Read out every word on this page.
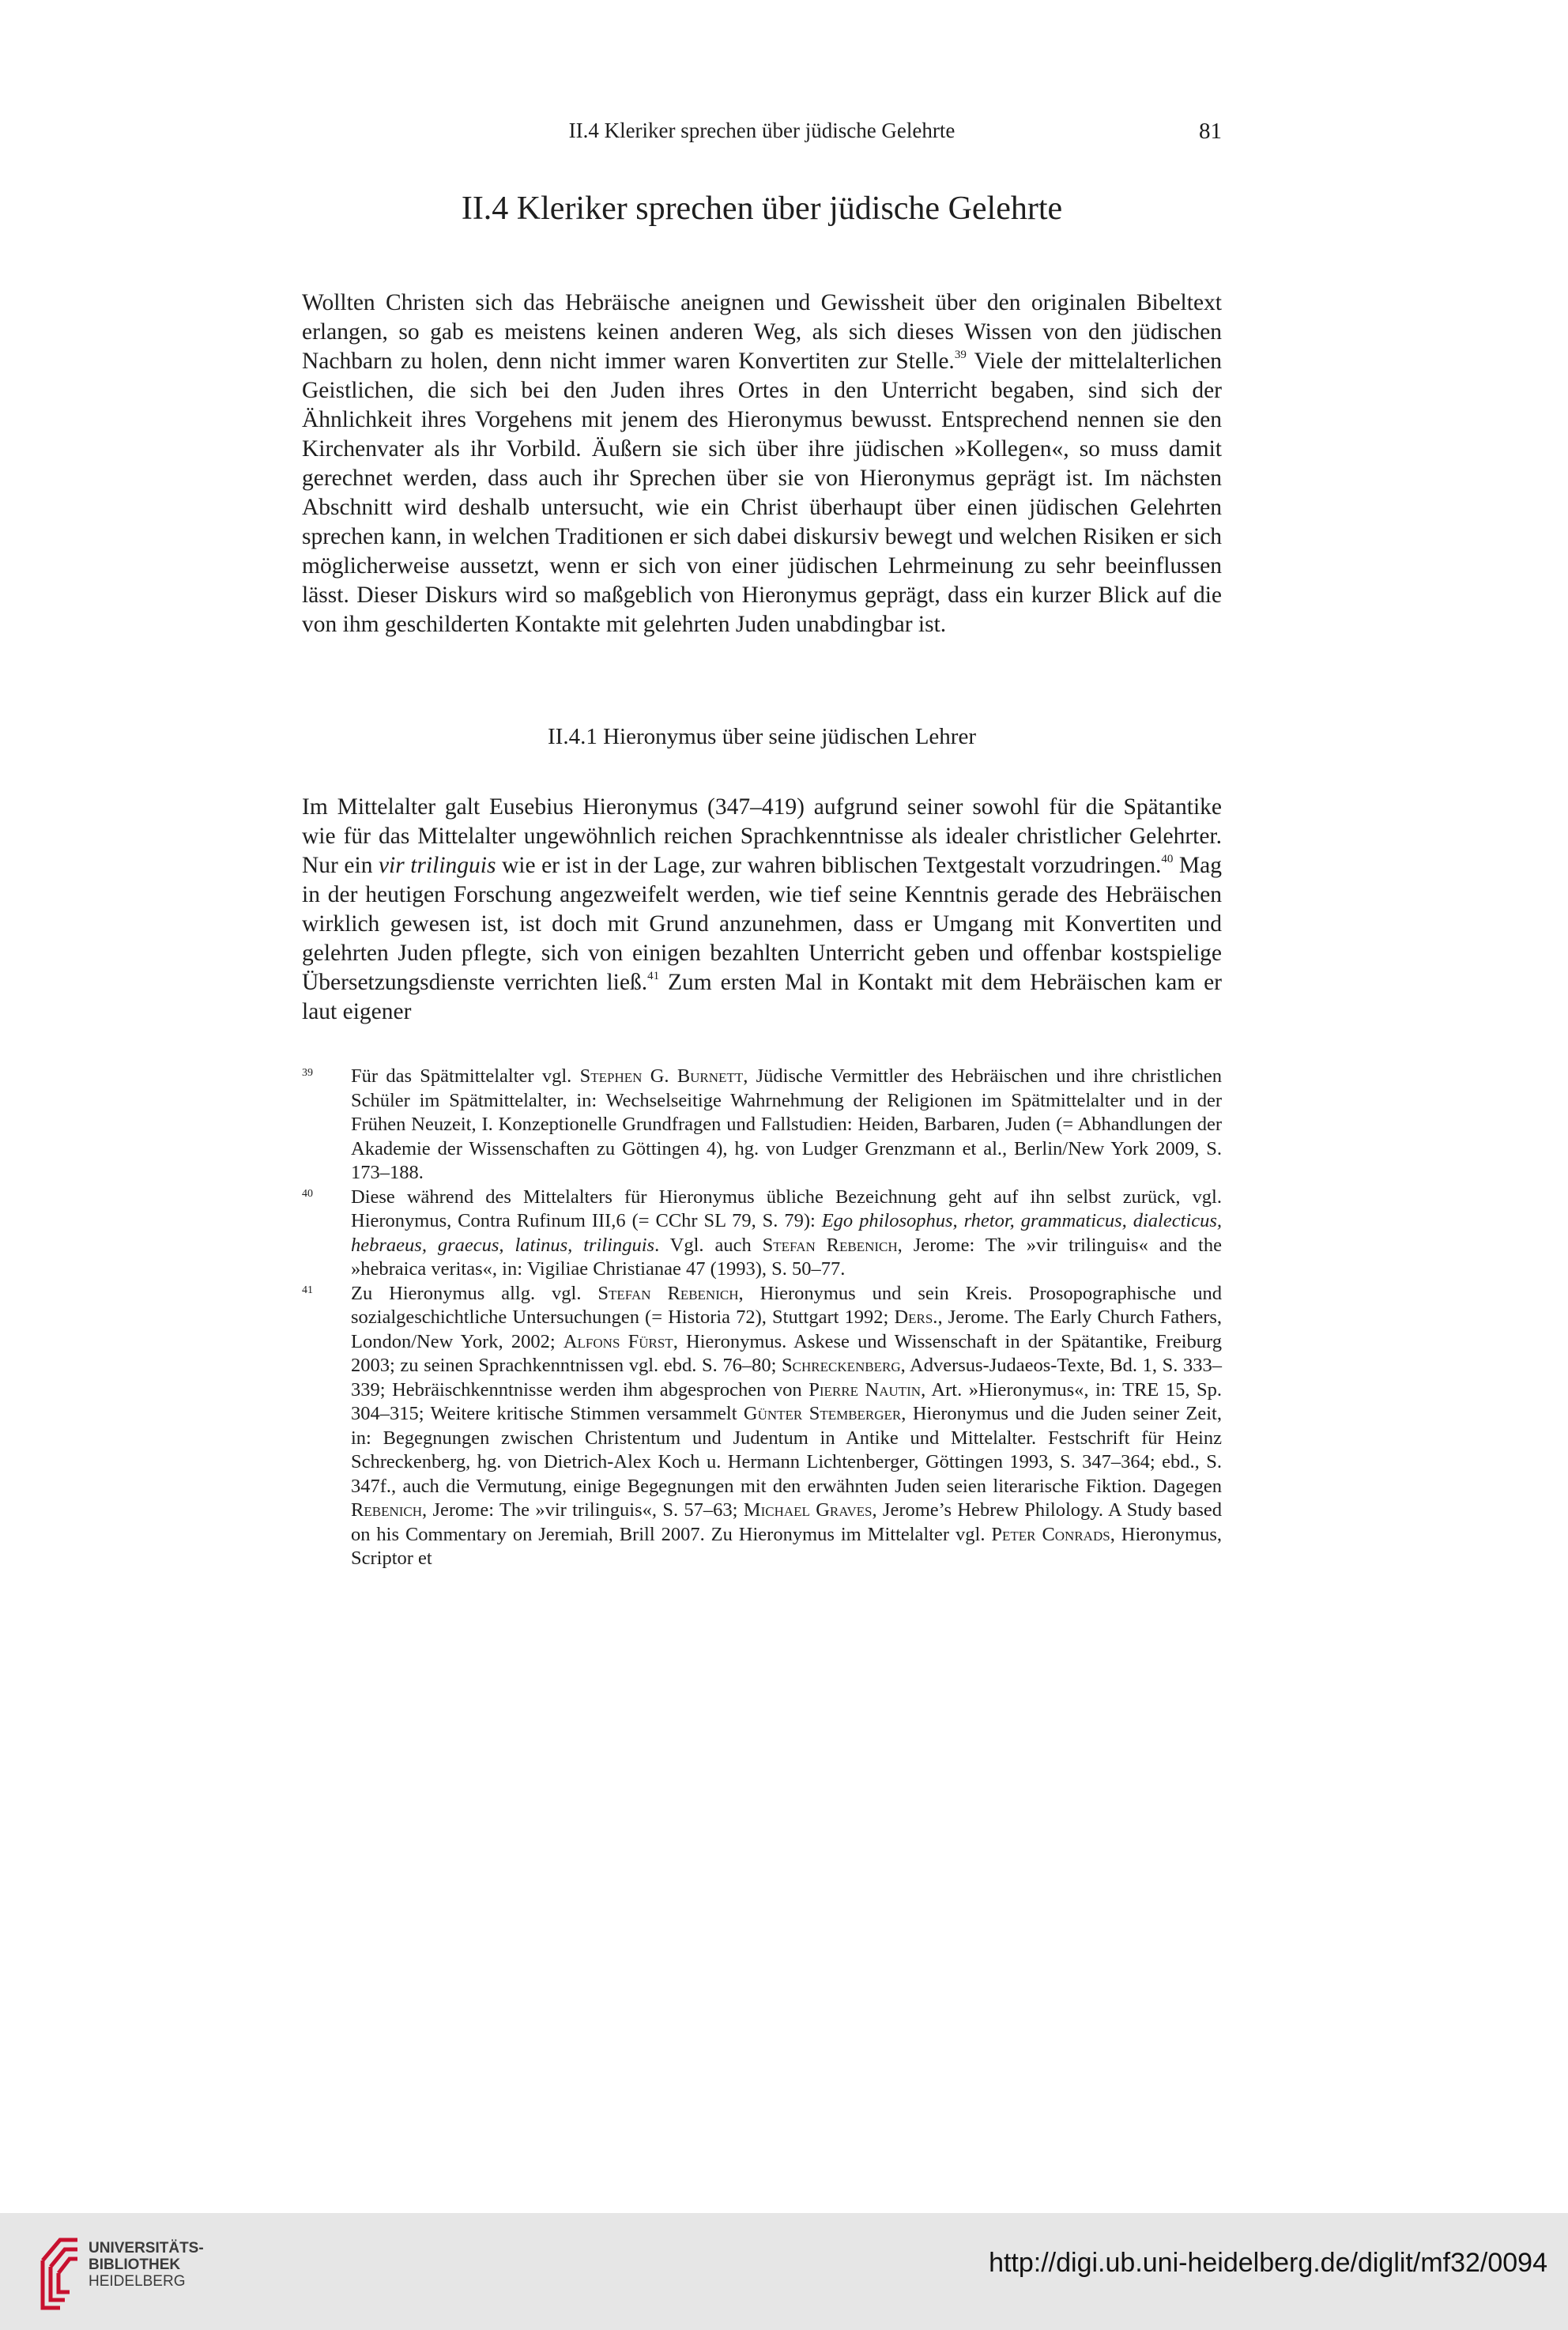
II.4 Kleriker sprechen über jüdische Gelehrte	81
II.4 Kleriker sprechen über jüdische Gelehrte

Wollten Christen sich das Hebräische aneignen und Gewissheit über den originalen Bibeltext erlangen, so gab es meistens keinen anderen Weg, als sich dieses Wissen von den jüdischen Nachbarn zu holen, denn nicht immer waren Konvertiten zur Stelle.$^{39}$ Viele der mittelalterlichen Geistlichen, die sich bei den Juden ihres Ortes in den Unterricht begaben, sind sich der Ähnlichkeit ihres Vorgehens mit jenem des Hieronymus bewusst. Entsprechend nennen sie den Kirchenvater als ihr Vorbild. Äußern sie sich über ihre jüdischen »Kollegen«, so muss damit gerechnet werden, dass auch ihr Sprechen über sie von Hieronymus geprägt ist. Im nächsten Abschnitt wird deshalb untersucht, wie ein Christ überhaupt über einen jüdischen Gelehrten sprechen kann, in welchen Traditionen er sich dabei diskursiv bewegt und welchen Risiken er sich möglicherweise aussetzt, wenn er sich von einer jüdischen Lehrmeinung zu sehr beeinflussen lässt. Dieser Diskurs wird so maßgeblich von Hieronymus geprägt, dass ein kurzer Blick auf die von ihm geschilderten Kontakte mit gelehrten Juden unabdingbar ist.

II.4.1 Hieronymus über seine jüdischen Lehrer

Im Mittelalter galt Eusebius Hieronymus (347–419) aufgrund seiner sowohl für die Spätantike wie für das Mittelalter ungewöhnlich reichen Sprachkenntnisse als idealer christlicher Gelehrter. Nur ein vir trilinguis wie er ist in der Lage, zur wahren biblischen Textgestalt vorzudringen.$^{40}$ Mag in der heutigen Forschung angezweifelt werden, wie tief seine Kenntnis gerade des Hebräischen wirklich gewesen ist, ist doch mit Grund anzunehmen, dass er Umgang mit Konvertiten und gelehrten Juden pflegte, sich von einigen bezahlten Unterricht geben und offenbar kostspielige Übersetzungsdienste verrichten ließ.$^{41}$ Zum ersten Mal in Kontakt mit dem Hebräischen kam er laut eigener

39 Für das Spätmittelalter vgl. Stephen G. Burnett, Jüdische Vermittler des Hebräischen und ihre christlichen Schüler im Spätmittelalter, in: Wechselseitige Wahrnehmung der Religionen im Spätmittelalter und in der Frühen Neuzeit, I. Konzeptionelle Grundfragen und Fallstudien: Heiden, Barbaren, Juden (= Abhandlungen der Akademie der Wissenschaften zu Göttingen 4), hg. von Ludger Grenzmann et al., Berlin/New York 2009, S. 173–188.

40 Diese während des Mittelalters für Hieronymus übliche Bezeichnung geht auf ihn selbst zurück, vgl. Hieronymus, Contra Rufinum III,6 (= CChr SL 79, S. 79): Ego philosophus, rhetor, grammaticus, dialecticus, hebraeus, graecus, latinus, trilinguis. Vgl. auch Stefan Rebenich, Jerome: The »vir trilinguis« and the »hebraica veritas«, in: Vigiliae Christianae 47 (1993), S. 50–77.

41 Zu Hieronymus allg. vgl. Stefan Rebenich, Hieronymus und sein Kreis. Prosopographische und sozialgeschichtliche Untersuchungen (= Historia 72), Stuttgart 1992; Ders., Jerome. The Early Church Fathers, London/New York, 2002; Alfons Fürst, Hieronymus. Askese und Wissenschaft in der Spätantike, Freiburg 2003; zu seinen Sprachkenntnissen vgl. ebd. S. 76–80; Schreckenberg, Adversus-Judaeos-Texte, Bd. 1, S. 333–339; Hebräischkenntnisse werden ihm abgesprochen von Pierre Nautin, Art. »Hieronymus«, in: TRE 15, Sp. 304–315; Weitere kritische Stimmen versammelt Günter Stemberger, Hieronymus und die Juden seiner Zeit, in: Begegnungen zwischen Christentum und Judentum in Antike und Mittelalter. Festschrift für Heinz Schreckenberg, hg. von Dietrich-Alex Koch u. Hermann Lichtenberger, Göttingen 1993, S. 347–364; ebd., S. 347f., auch die Vermutung, einige Begegnungen mit den erwähnten Juden seien literarische Fiktion. Dagegen Rebenich, Jerome: The »vir trilinguis«, S. 57–63; Michael Graves, Jerome’s Hebrew Philology. A Study based on his Commentary on Jeremiah, Brill 2007. Zu Hieronymus im Mittelalter vgl. Peter Conrads, Hieronymus, Scriptor et

UNIVERSITÄTS-
BIBLIOTHEK
HEIDELBERG
http://digi.ub.uni-heidelberg.de/diglit/mf32/0094
